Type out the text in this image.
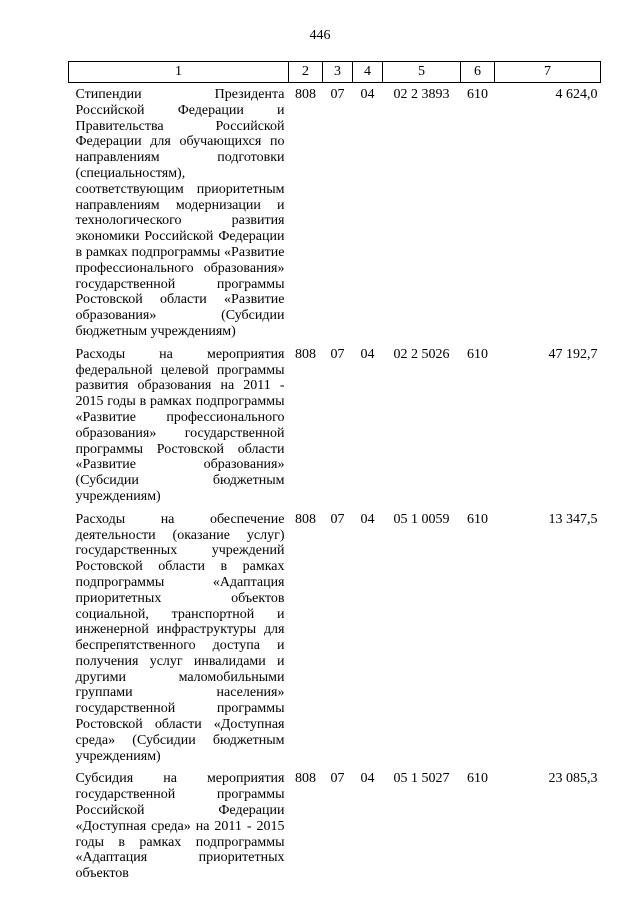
446
1	2	3	4	5	6	7
Стипендии Президента Российской Федерации и Правительства Российской Федерации для обучающихся по направлениям подготовки (специальностям), соответствующим приоритетным направлениям модернизации и технологического развития экономики Российской Федерации в рамках подпрограммы «Развитие профессионального образования» государственной программы Ростовской области «Развитие образования» (Субсидии бюджетным учреждениям)	808	07	04	02 2 3893	610	4 624,0
Расходы на мероприятия федеральной целевой программы развития образования на 2011 - 2015 годы в рамках подпрограммы «Развитие профессионального образования» государственной программы Ростовской области «Развитие образования» (Субсидии бюджетным учреждениям)	808	07	04	02 2 5026	610	47 192,7
Расходы на обеспечение деятельности (оказание услуг) государственных учреждений Ростовской области в рамках подпрограммы «Адаптация приоритетных объектов социальной, транспортной и инженерной инфраструктуры для беспрепятственного доступа и получения услуг инвалидами и другими маломобильными группами населения» государственной программы Ростовской области «Доступная среда» (Субсидии бюджетным учреждениям)	808	07	04	05 1 0059	610	13 347,5
Субсидия на мероприятия государственной программы Российской Федерации «Доступная среда» на 2011 - 2015 годы в рамках подпрограммы «Адаптация приоритетных объектов	808	07	04	05 1 5027	610	23 085,3
